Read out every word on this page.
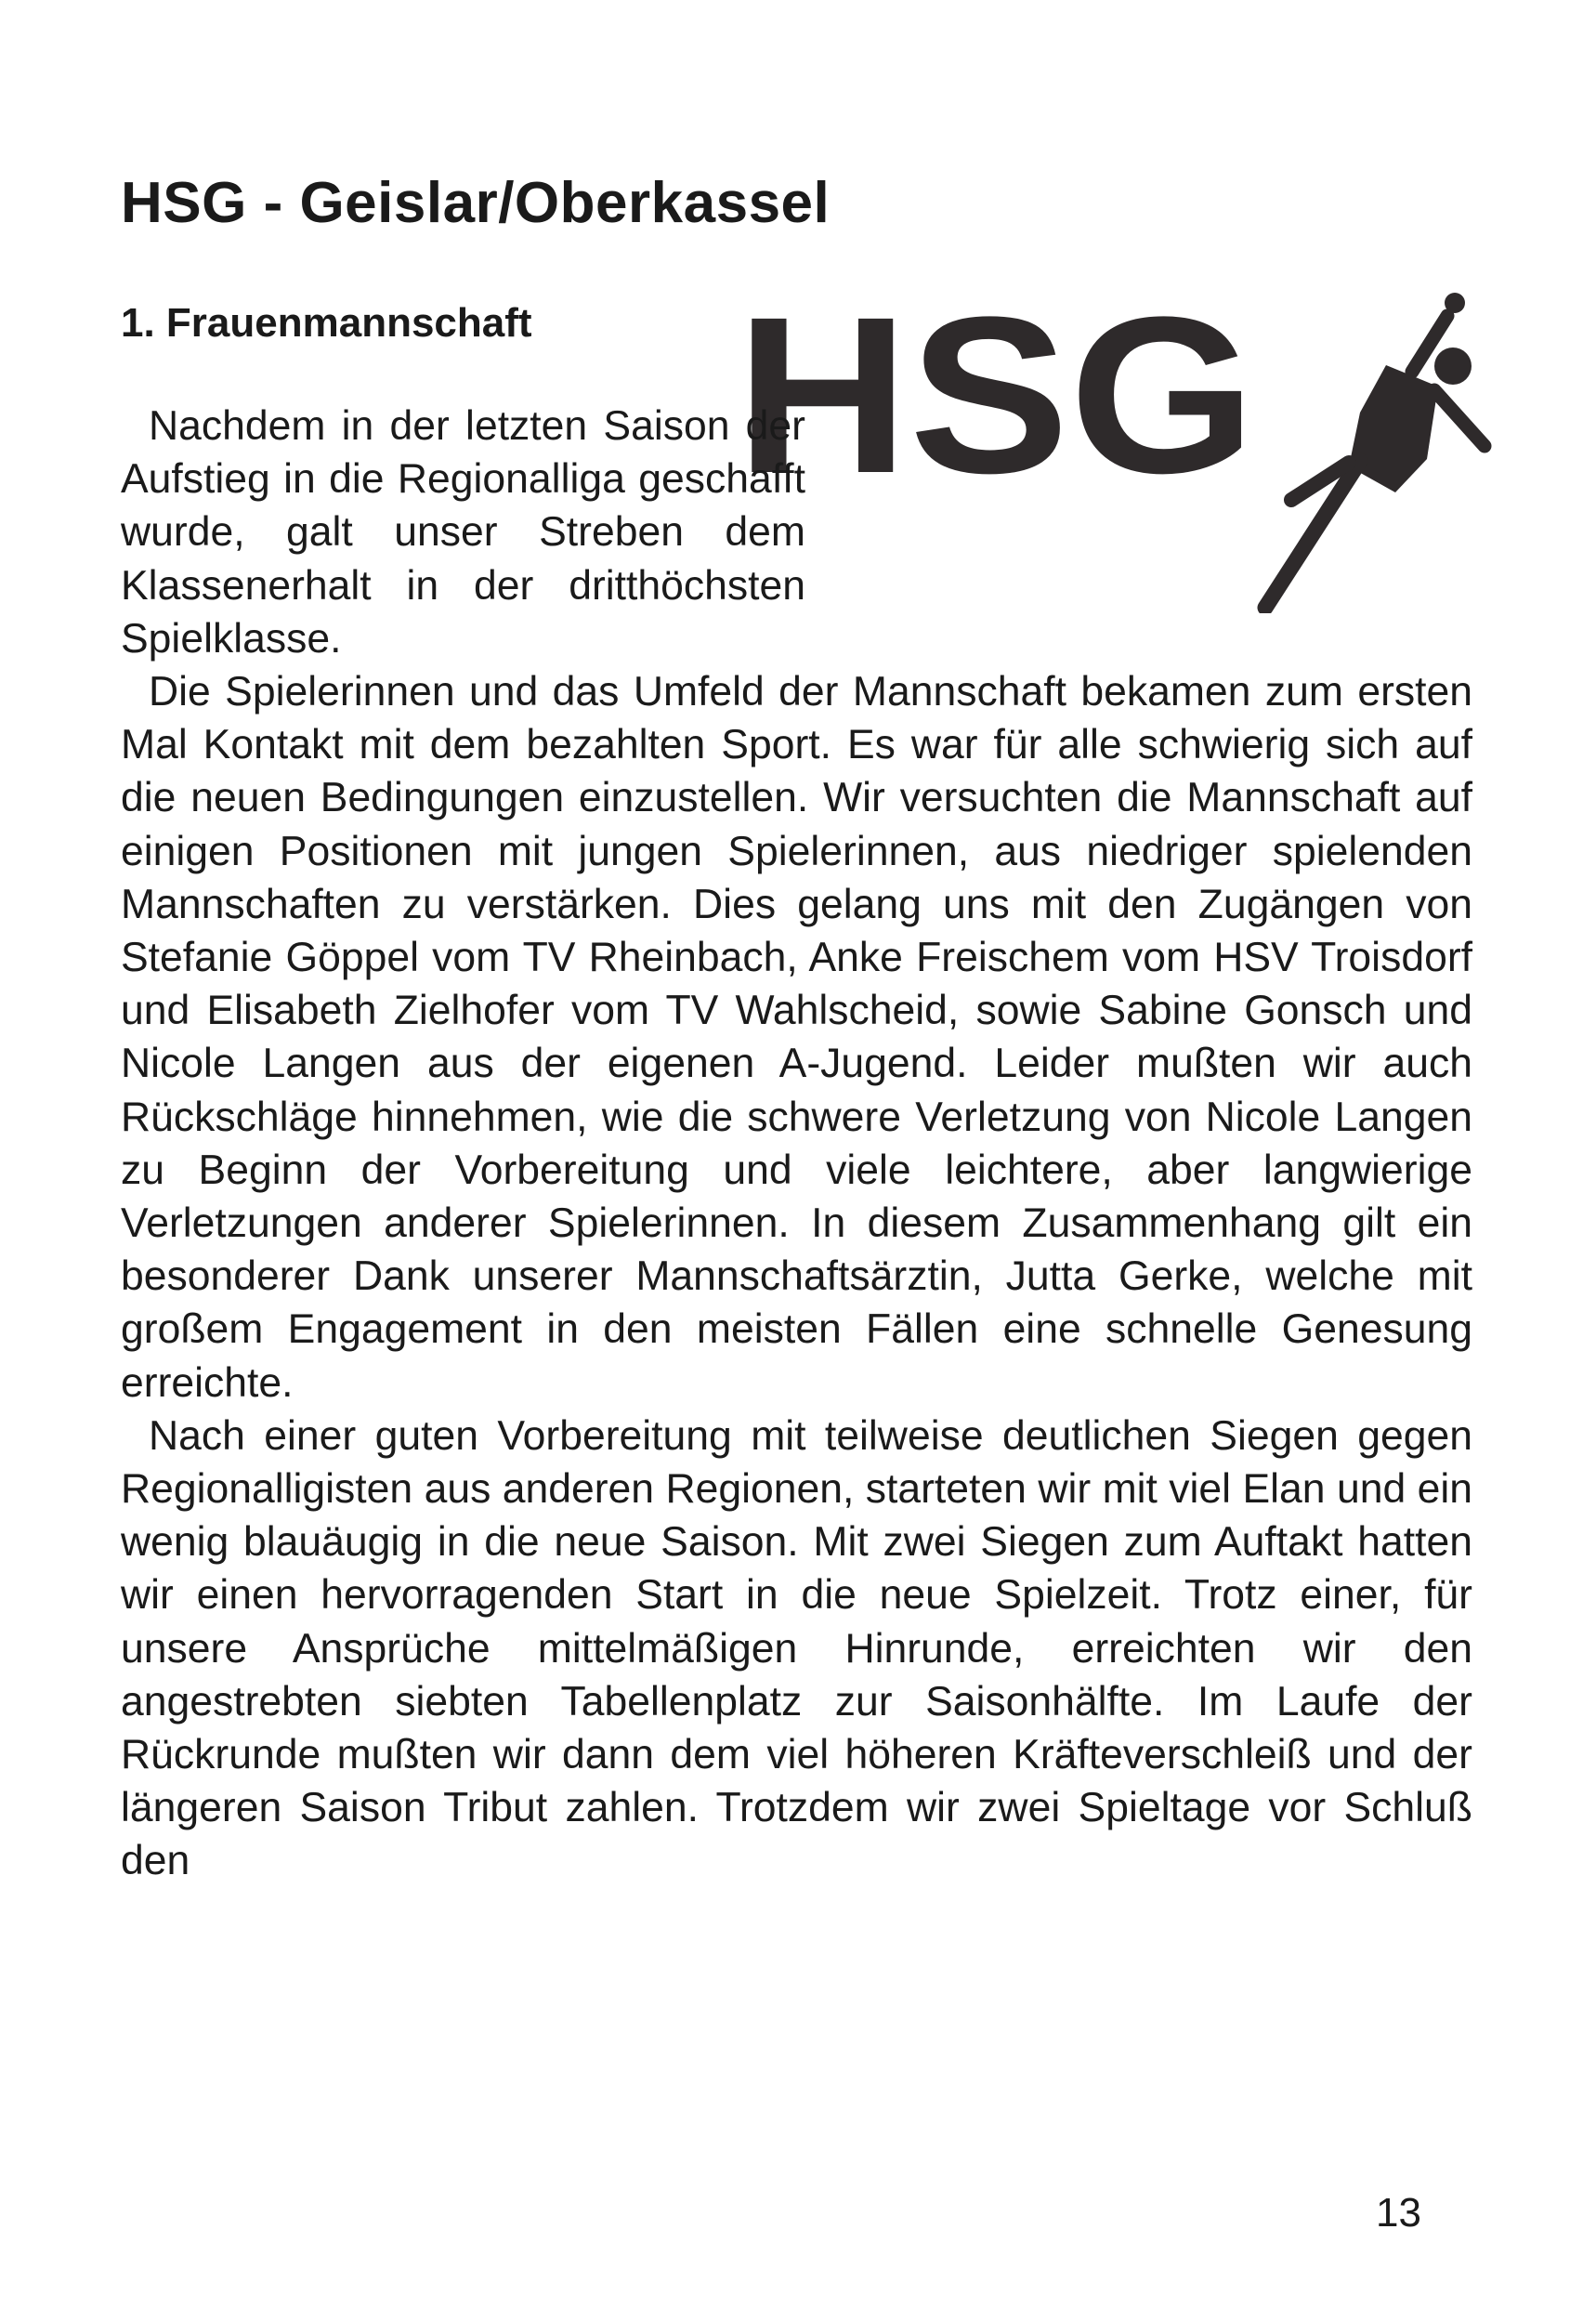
HSG - Geislar/Oberkassel
1. Frauenmannschaft HSG

Nachdem in der letzten Saison der Aufstieg in die Regionalliga geschafft wurde, galt unser Streben dem Klassenerhalt in der dritthöchsten Spielklasse.

Die Spielerinnen und das Umfeld der Mannschaft bekamen zum ersten Mal Kontakt mit dem bezahlten Sport. Es war für alle schwierig sich auf die neuen Bedingungen einzustellen. Wir versuchten die Mannschaft auf einigen Positionen mit jungen Spielerinnen, aus niedriger spielenden Mannschaften zu verstärken. Dies gelang uns mit den Zugängen von Stefanie Göppel vom TV Rheinbach, Anke Freischem vom HSV Troisdorf und Elisabeth Zielhofer vom TV Wahlscheid, sowie Sabine Gonsch und Nicole Langen aus der eigenen A-Jugend. Leider mußten wir auch Rückschläge hinnehmen, wie die schwere Verletzung von Nicole Langen zu Beginn der Vorbereitung und viele leichtere, aber langwierige Verletzungen anderer Spielerinnen. In diesem Zusammenhang gilt ein besonderer Dank unserer Mannschaftsärztin, Jutta Gerke, welche mit großem Engagement in den meisten Fällen eine schnelle Genesung erreichte.

Nach einer guten Vorbereitung mit teilweise deutlichen Siegen gegen Regionalligisten aus anderen Regionen, starteten wir mit viel Elan und ein wenig blauäugig in die neue Saison. Mit zwei Siegen zum Auftakt hatten wir einen hervorragenden Start in die neue Spielzeit. Trotz einer, für unsere Ansprüche mittelmäßigen Hinrunde, erreichten wir den angestrebten siebten Tabellenplatz zur Saisonhälfte. Im Laufe der Rückrunde mußten wir dann dem viel höheren Kräfteverschleiß und der längeren Saison Tribut zahlen. Trotzdem wir zwei Spieltage vor Schluß den

13
